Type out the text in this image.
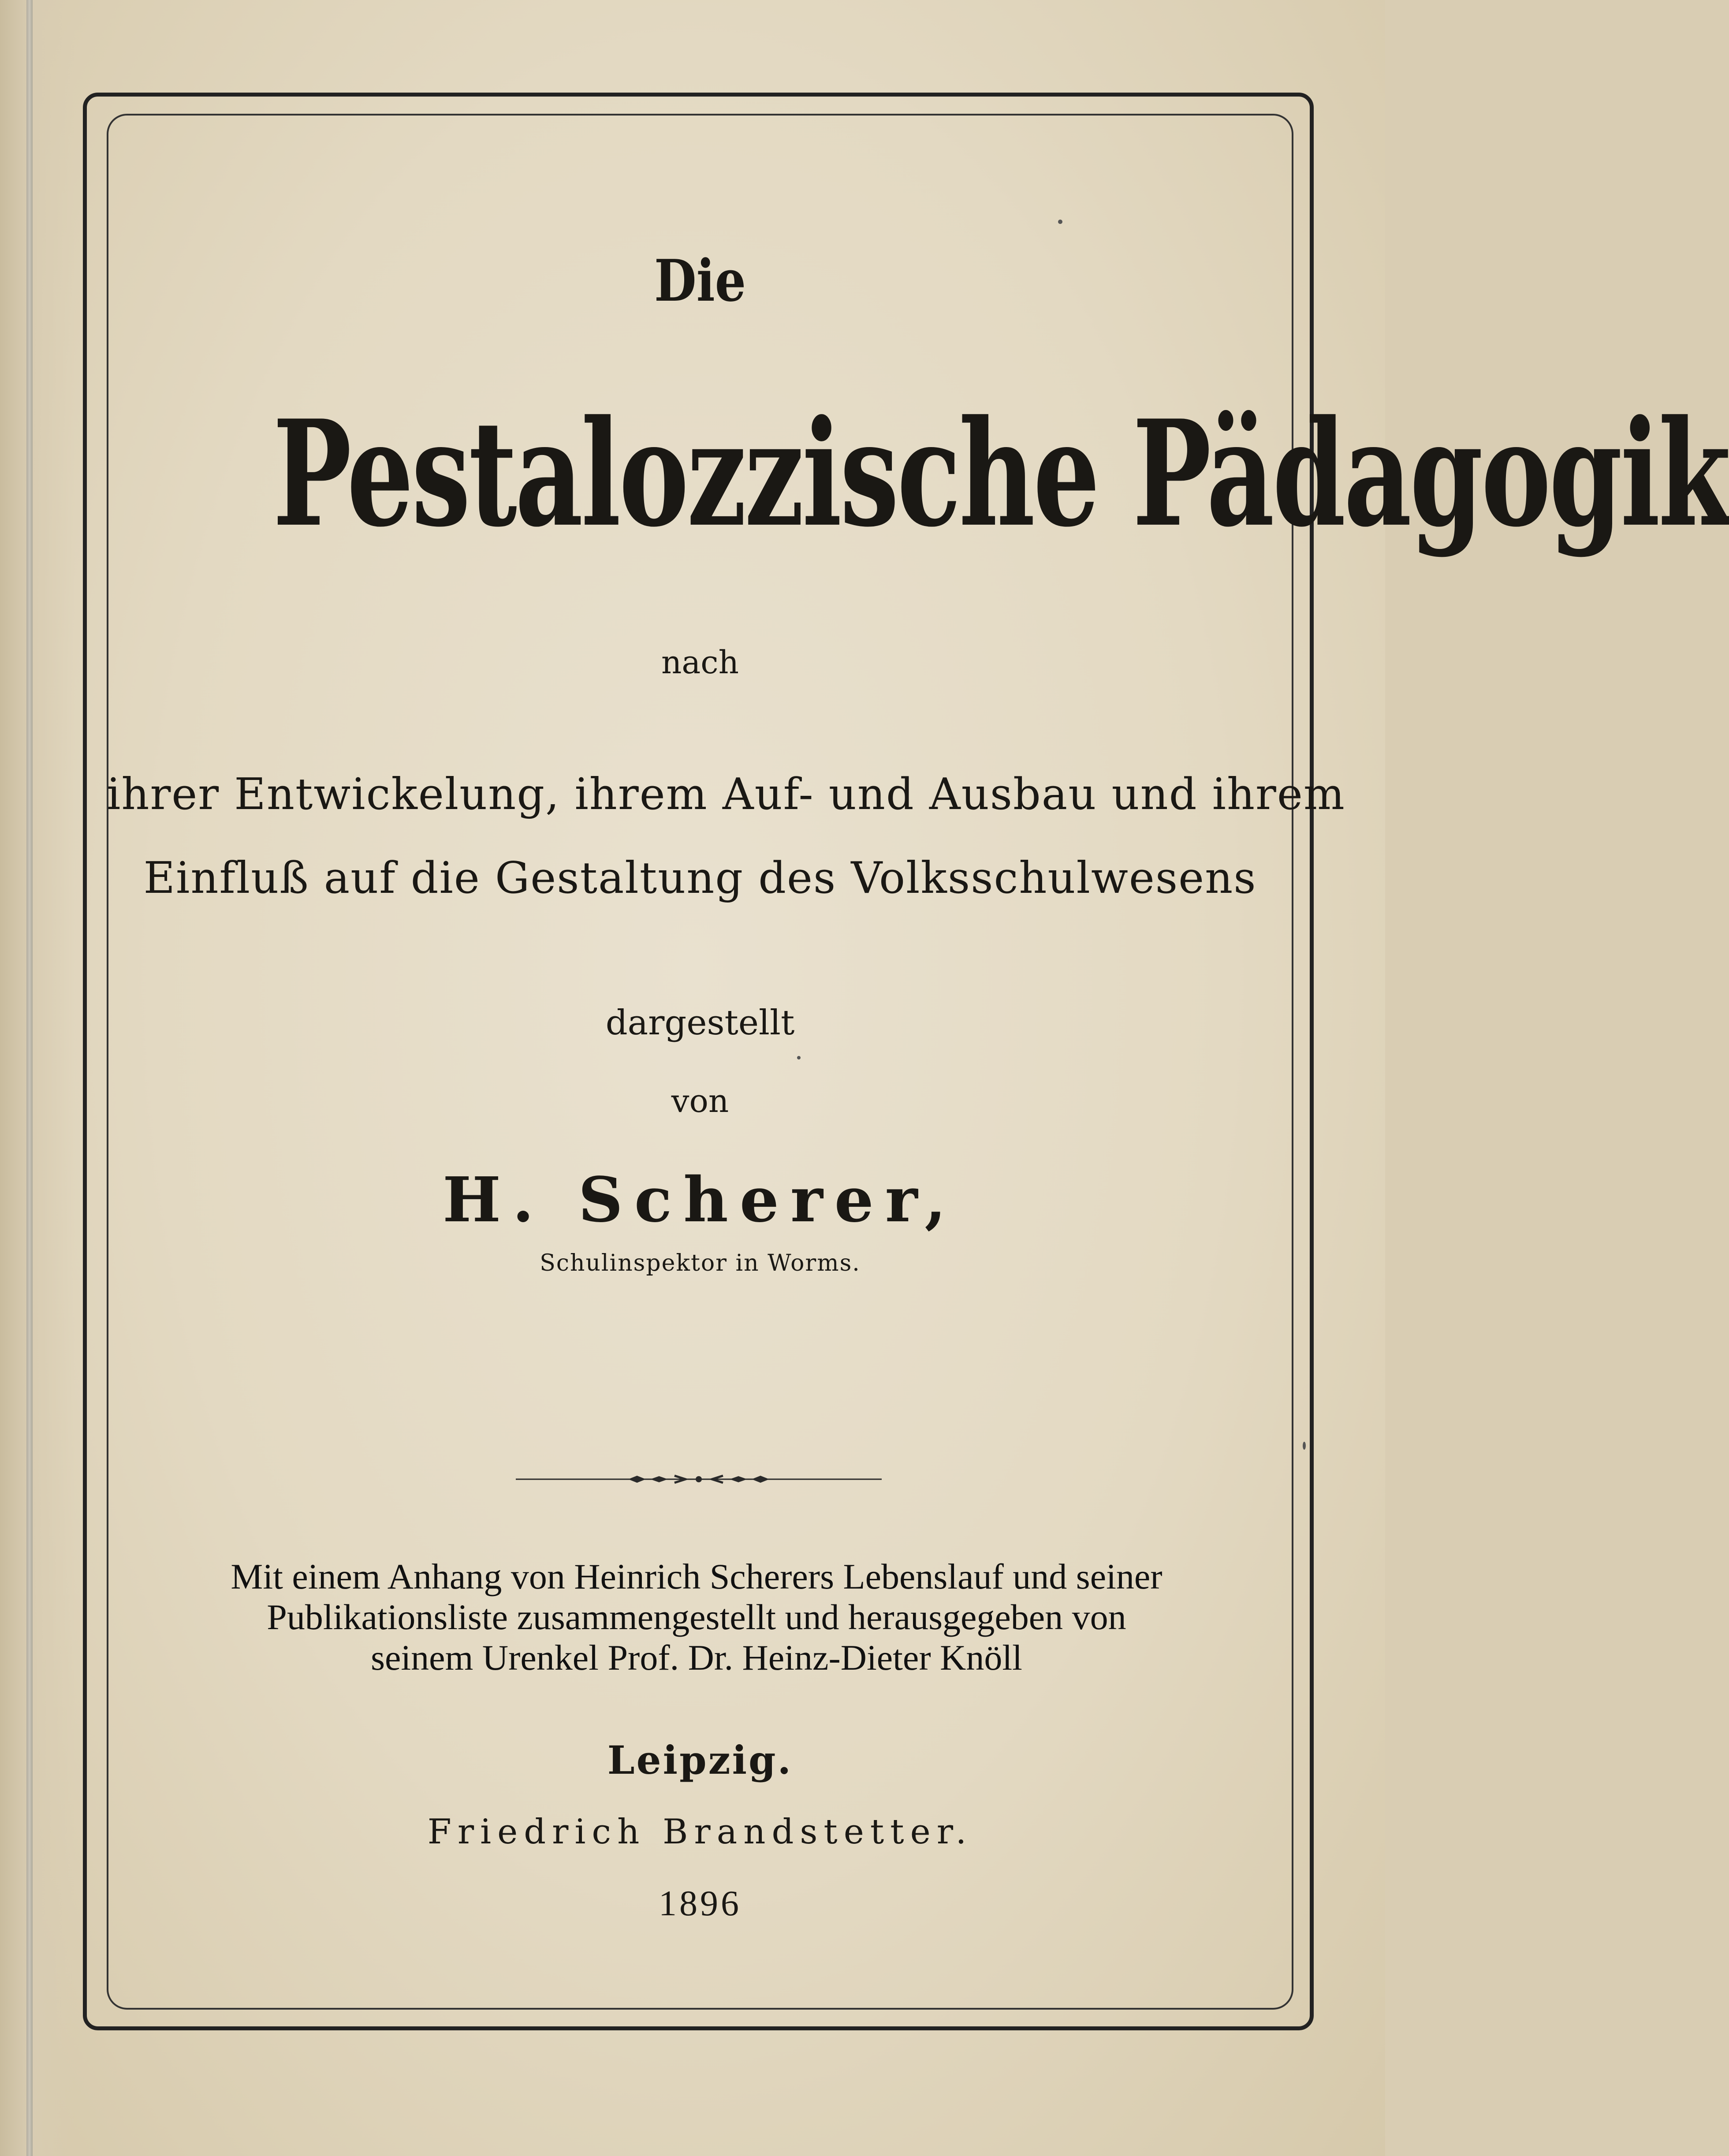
Die
Pestalozzische Pädagogik
nach
ihrer Entwickelung, ihrem Auf- und Ausbau und ihrem
Einfluß auf die Gestaltung des Volksschulwesens
dargestellt
von
H. Scherer,
Schulinspektor in Worms.
Mit einem Anhang von Heinrich Scherers Lebenslauf und seiner
Publikationsliste zusammengestellt und herausgegeben von
seinem Urenkel Prof. Dr. Heinz-Dieter Knöll
Leipzig.
Friedrich Brandstetter.
1896
